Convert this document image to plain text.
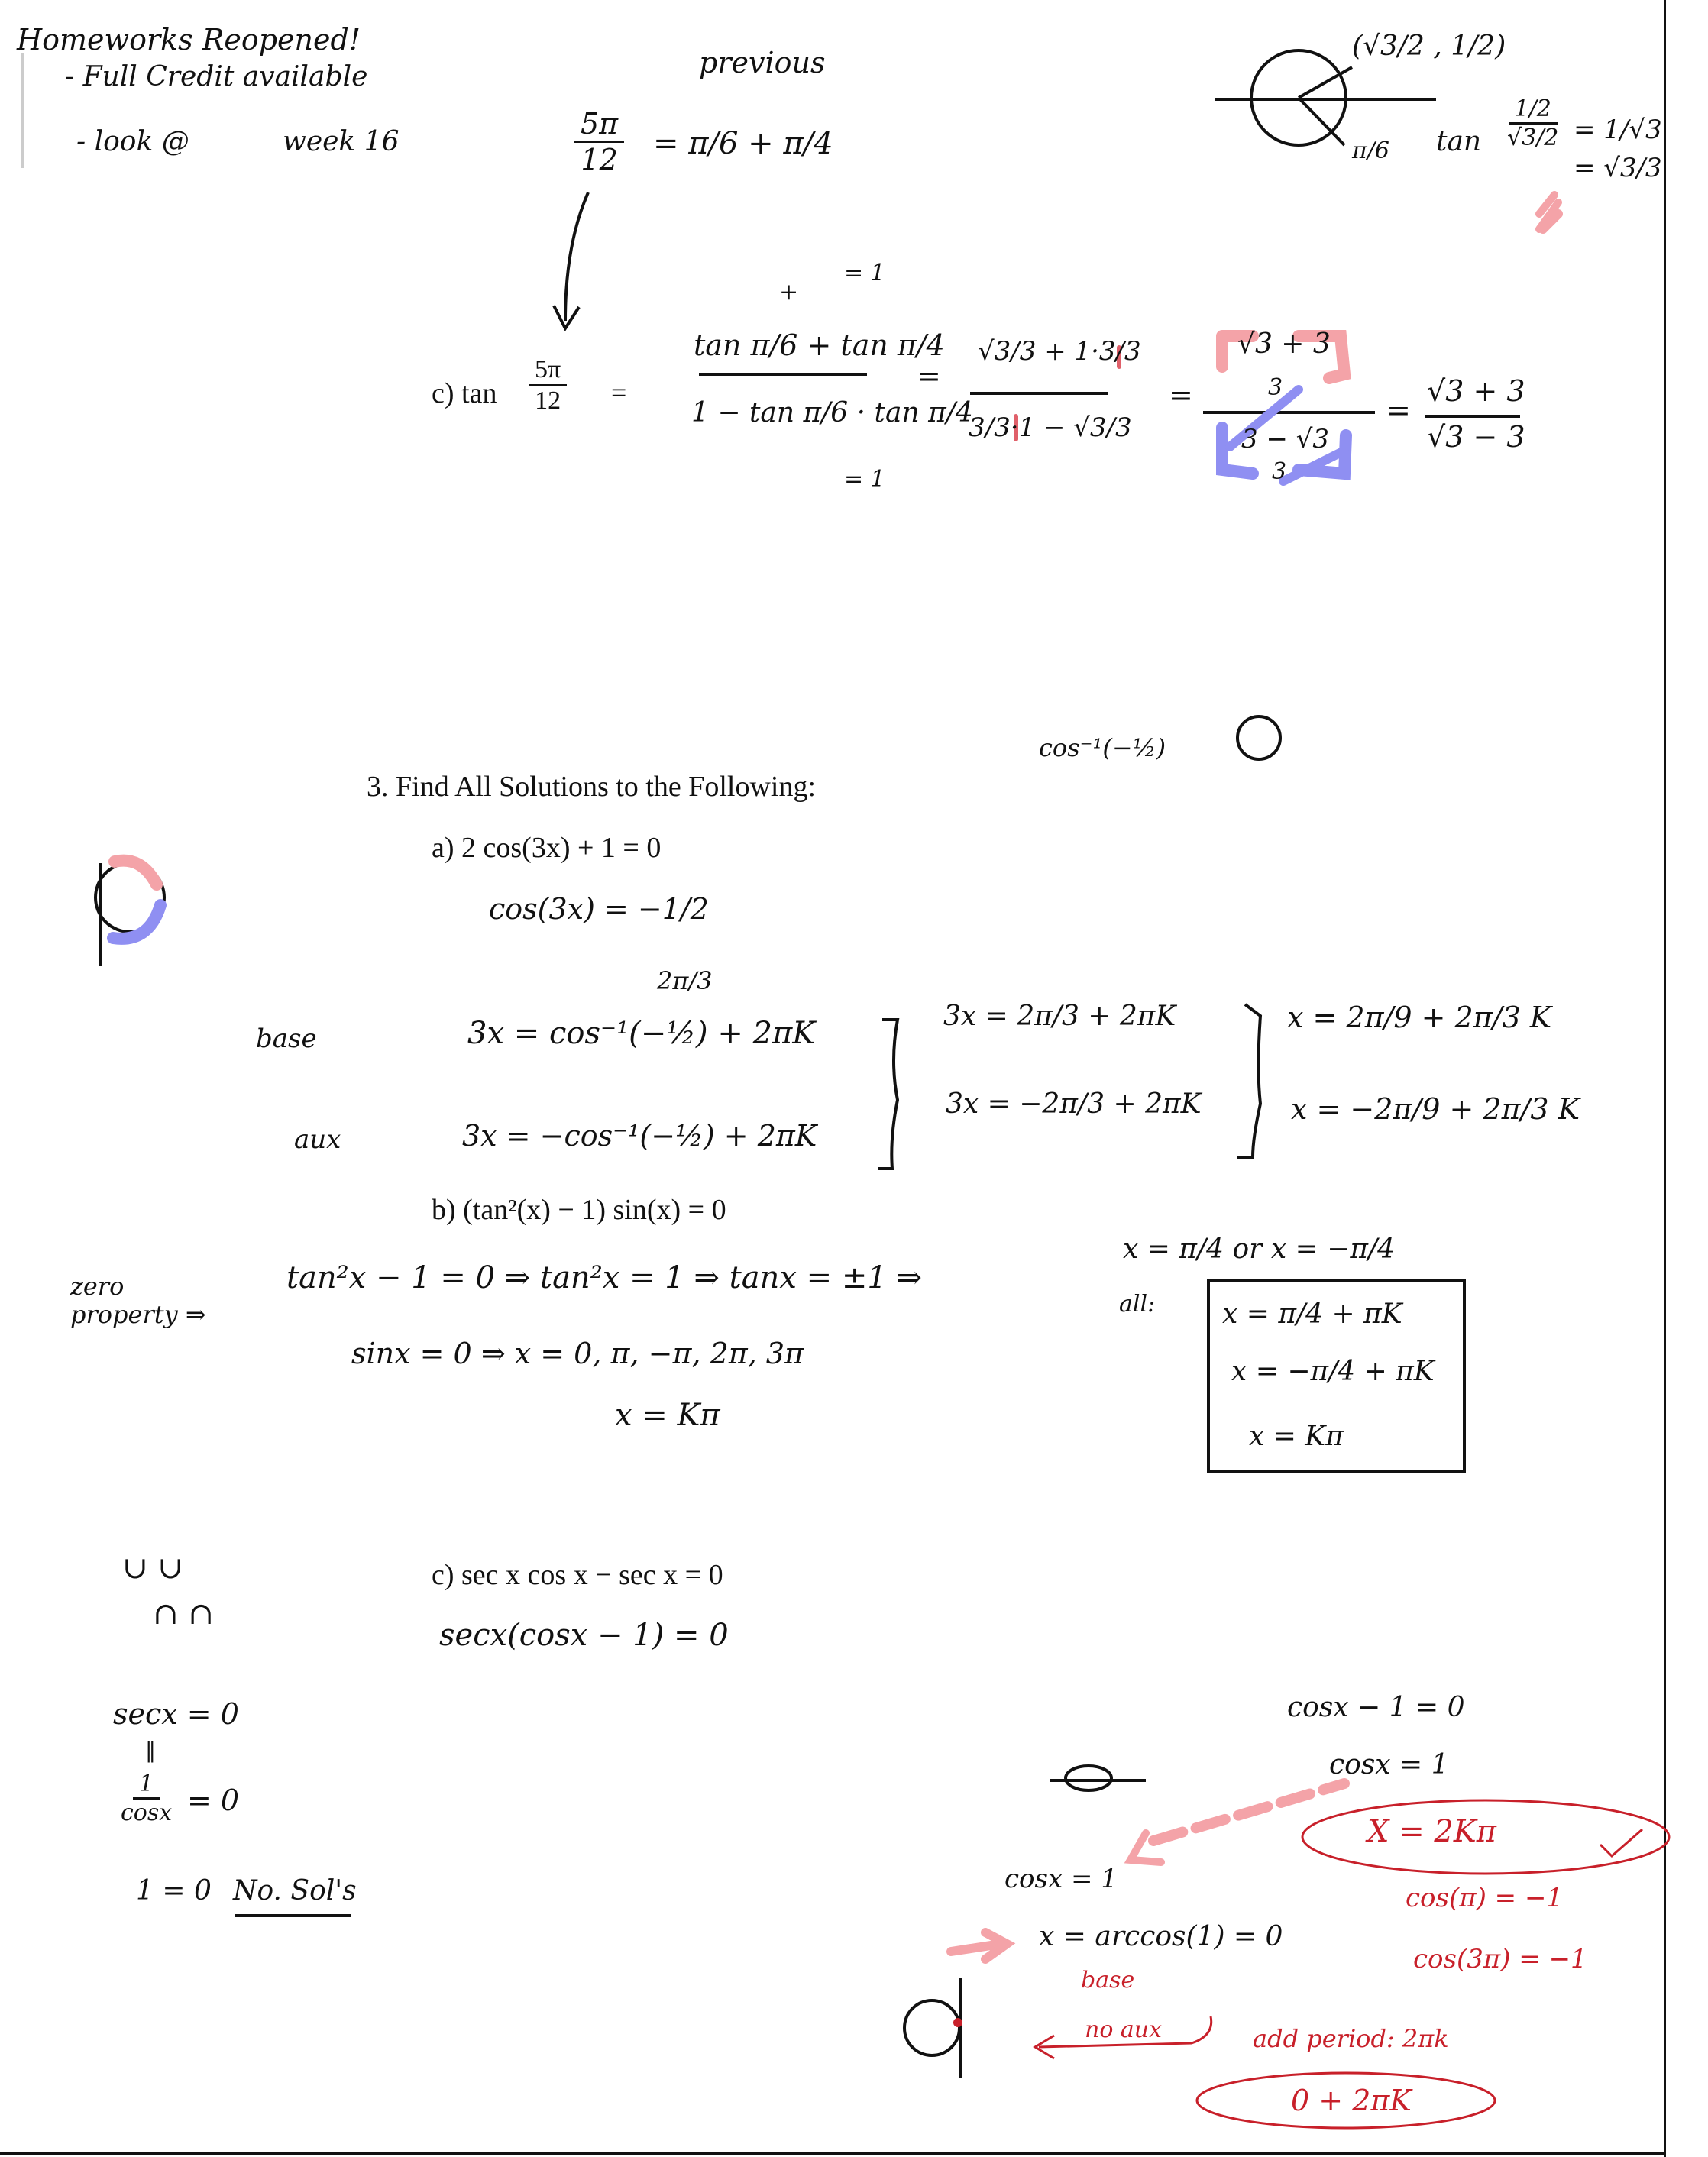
Homeworks Reopened!
- Full Credit available
- look @	week 16
previous
$\frac{5\pi}{12} = \pi/6 + \pi/4$
(√3/2 , 1/2)
π/6 $\tan \frac{1/2}{√3/2} = 1/√3$
= √3/3
c) $\tan \frac{5\pi}{12}$ =
+
= 1
tan π/6 + tan π/4
1 − tan π/6 · tan π/4
= 1
=
√3/3 + 1·3/3
3/3·1 − √3/3
=
√3 + 3
3
3 − √3
3
=
√3 + 3
√3 − 3
cos⁻¹(−½)
3. Find All Solutions to the Following:
a) 2 cos(3x) + 1 = 0
cos(3x) = −1/2
2π/3
base
aux
3x = cos⁻¹(−½) + 2πK
3x = −cos⁻¹(−½) + 2πK
3x = 2π/3 + 2πK
3x = −2π/3 + 2πK
x = 2π/9 + 2π/3 K
x = −2π/9 + 2π/3 K
b) (tan²(x) − 1) sin(x) = 0
zero
property ⇒
tan²x − 1 = 0 ⇒ tan²x = 1 ⇒ tanx = ±1 ⇒
x = π/4 or x = −π/4
all:
sinx = 0 ⇒ x = 0, π, −π, 2π, 3π
x = Kπ
x = π/4 + πK
x = −π/4 + πK
x = Kπ
∪ ∪
∩ ∩
c) sec x cos x − sec x = 0
secx(cosx − 1) = 0
secx = 0
‖
$\frac{1}{\cos x} = 0$
1 = 0 No. Sol's
cosx − 1 = 0
cosx = 1
X = 2Kπ
cos(π) = −1
cos(3π) = −1
cosx = 1
x = arccos(1) = 0
base
no aux	add period: 2πk
0 + 2πK
